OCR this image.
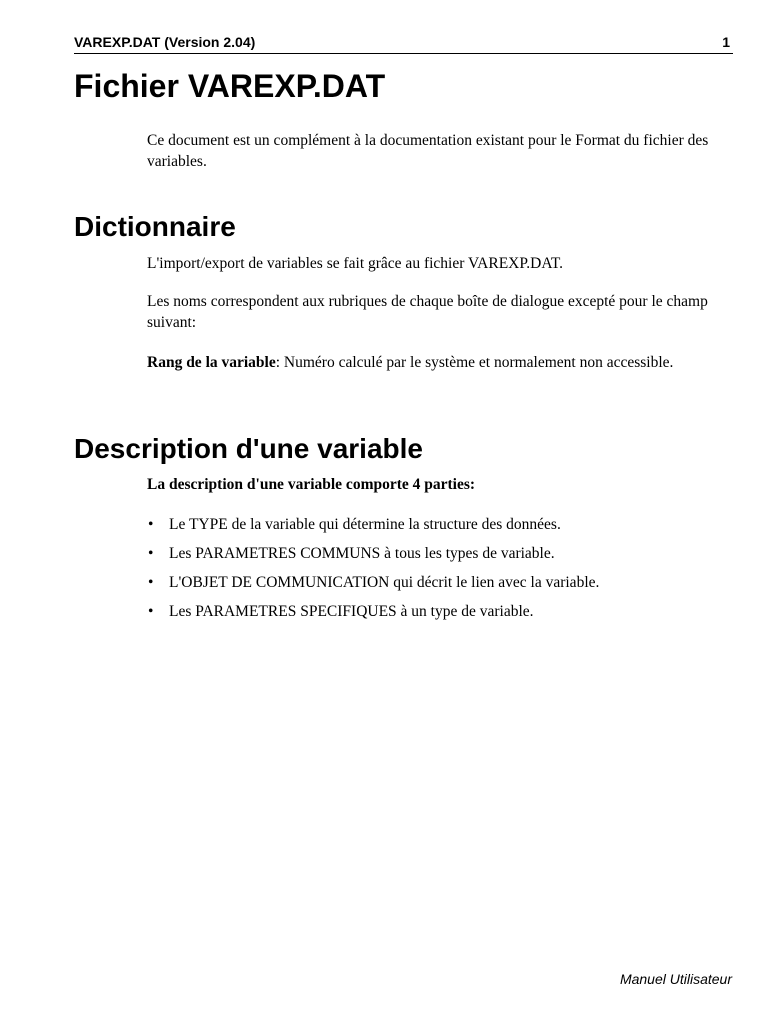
VAREXP.DAT (Version 2.04)	1
Fichier VAREXP.DAT

Ce document est un complément à la documentation existant pour le Format du fichier des variables.

Dictionnaire

L'import/export de variables se fait grâce au fichier VAREXP.DAT.

Les noms correspondent aux rubriques de chaque boîte de dialogue excepté pour le champ suivant:

Rang de la variable: Numéro calculé par le système et normalement non accessible.

Description d'une variable

La description d'une variable comporte 4 parties:

• Le TYPE de la variable qui détermine la structure des données.
• Les PARAMETRES COMMUNS à tous les types de variable.
• L'OBJET DE COMMUNICATION qui décrit le lien avec la variable.
• Les PARAMETRES SPECIFIQUES à un type de variable.
Manuel Utilisateur
